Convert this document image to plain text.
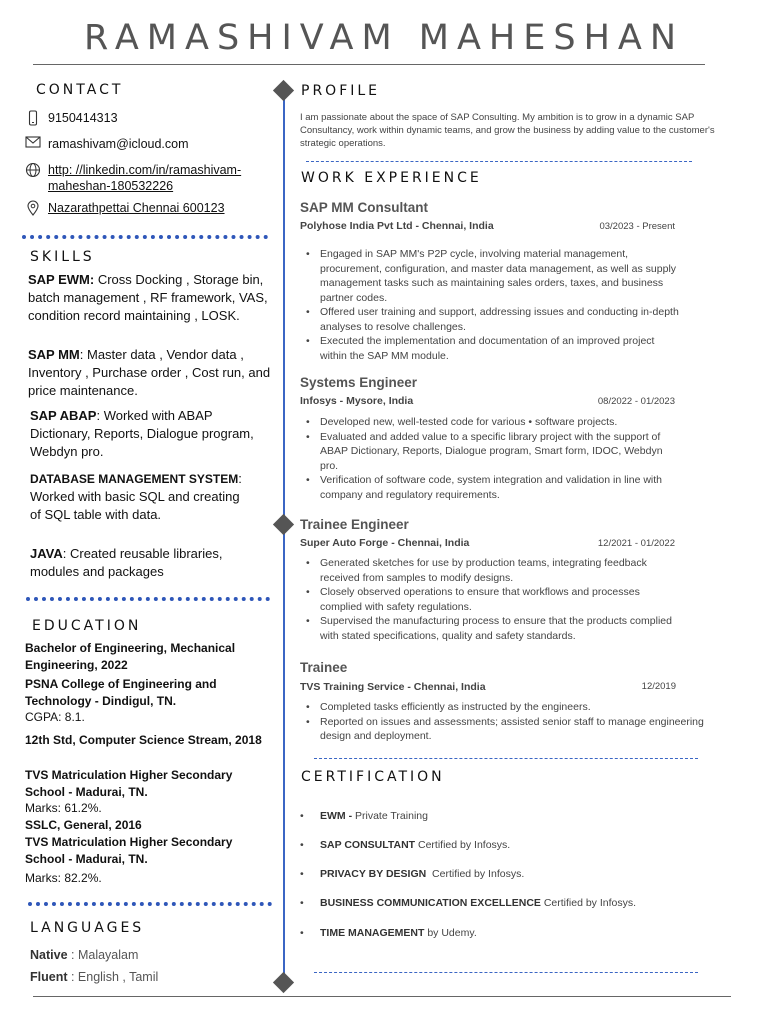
RAMASHIVAM MAHESHAN
CONTACT
9150414313
ramashivam@icloud.com
http: //linkedin.com/in/ramashivam-
maheshan-180532226
Nazarathpettai Chennai 600123
SKILLS
SAP EWM: Cross Docking , Storage bin, batch management , RF framework, VAS, condition record maintaining , LOSK.
SAP MM: Master data , Vendor data , Inventory , Purchase order , Cost run, and price maintenance.
SAP ABAP: Worked with ABAP Dictionary, Reports, Dialogue program, Webdyn pro.
DATABASE MANAGEMENT SYSTEM: Worked with basic SQL and creating of SQL table with data.
JAVA: Created reusable libraries, modules and packages
EDUCATION
Bachelor of Engineering, Mechanical Engineering, 2022
PSNA College of Engineering and Technology - Dindigul, TN.
CGPA: 8.1.
12th Std, Computer Science Stream, 2018
TVS Matriculation Higher Secondary School - Madurai, TN.
Marks: 61.2%.
SSLC, General, 2016
TVS Matriculation Higher Secondary School - Madurai, TN.
Marks: 82.2%.
LANGUAGES
Native : Malayalam
Fluent : English , Tamil
PROFILE
I am passionate about the space of SAP Consulting. My ambition is to grow in a dynamic SAP Consultancy, work within dynamic teams, and grow the business by adding value to the customer's strategic operations.
WORK EXPERIENCE
SAP MM Consultant
Polyhose India Pvt Ltd - Chennai, India	03/2023 - Present
• Engaged in SAP MM's P2P cycle, involving material management, procurement, configuration, and master data management, as well as supply management tasks such as maintaining sales orders, taxes, and business partner codes.
• Offered user training and support, addressing issues and conducting in-depth analyses to resolve challenges.
• Executed the implementation and documentation of an improved project within the SAP MM module.
Systems Engineer
Infosys - Mysore, India	08/2022 - 01/2023
• Developed new, well-tested code for various • software projects.
• Evaluated and added value to a specific library project with the support of ABAP Dictionary, Reports, Dialogue program, Smart form, IDOC, Webdyn pro.
• Verification of software code, system integration and validation in line with company and regulatory requirements.
Trainee Engineer
Super Auto Forge - Chennai, India	12/2021 - 01/2022
• Generated sketches for use by production teams, integrating feedback received from samples to modify designs.
• Closely observed operations to ensure that workflows and processes complied with safety regulations.
• Supervised the manufacturing process to ensure that the products complied with stated specifications, quality and safety standards.
Trainee
TVS Training Service - Chennai, India	12/2019
• Completed tasks efficiently as instructed by the engineers.
• Reported on issues and assessments; assisted senior staff to manage engineering design and deployment.
CERTIFICATION
• EWM - Private Training
• SAP CONSULTANT Certified by Infosys.
• PRIVACY BY DESIGN  Certified by Infosys.
• BUSINESS COMMUNICATION EXCELLENCE Certified by Infosys.
• TIME MANAGEMENT by Udemy.
